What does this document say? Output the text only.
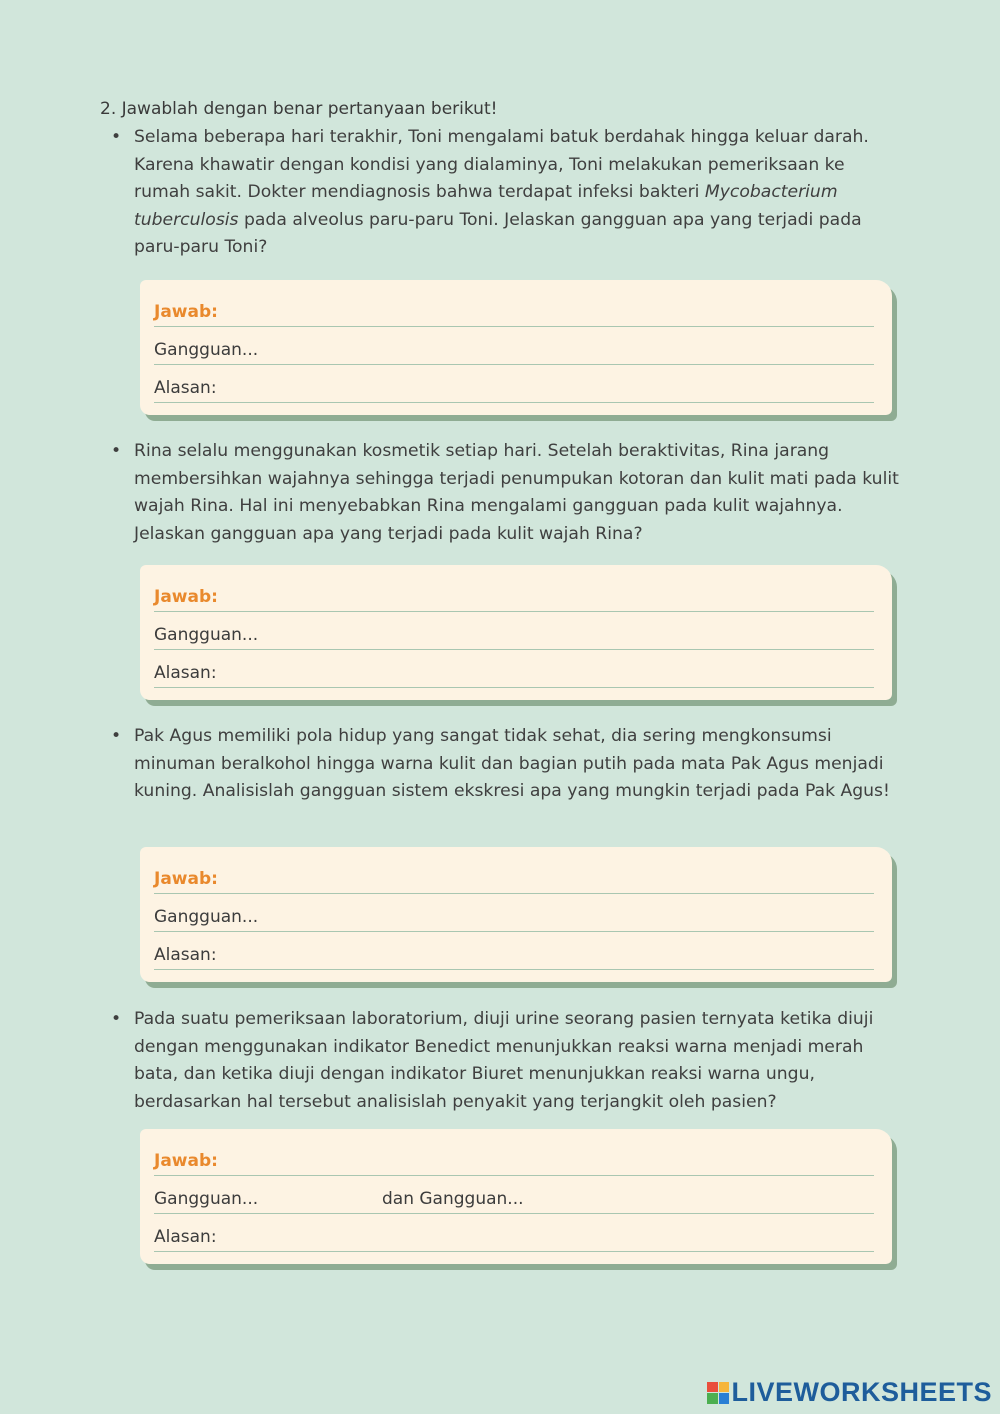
2. Jawablah dengan benar pertanyaan berikut!
• Selama beberapa hari terakhir, Toni mengalami batuk berdahak hingga keluar darah. Karena khawatir dengan kondisi yang dialaminya, Toni melakukan pemeriksaan ke rumah sakit. Dokter mendiagnosis bahwa terdapat infeksi bakteri Mycobacterium tuberculosis pada alveolus paru-paru Toni. Jelaskan gangguan apa yang terjadi pada paru-paru Toni?
Jawab:
Gangguan...
Alasan:
• Rina selalu menggunakan kosmetik setiap hari. Setelah beraktivitas, Rina jarang membersihkan wajahnya sehingga terjadi penumpukan kotoran dan kulit mati pada kulit wajah Rina. Hal ini menyebabkan Rina mengalami gangguan pada kulit wajahnya. Jelaskan gangguan apa yang terjadi pada kulit wajah Rina?
Jawab:
Gangguan...
Alasan:
• Pak Agus memiliki pola hidup yang sangat tidak sehat, dia sering mengkonsumsi minuman beralkohol hingga warna kulit dan bagian putih pada mata Pak Agus menjadi kuning. Analisislah gangguan sistem ekskresi apa yang mungkin terjadi pada Pak Agus!
Jawab:
Gangguan...
Alasan:
• Pada suatu pemeriksaan laboratorium, diuji urine seorang pasien ternyata ketika diuji dengan menggunakan indikator Benedict menunjukkan reaksi warna menjadi merah bata, dan ketika diuji dengan indikator Biuret menunjukkan reaksi warna ungu, berdasarkan hal tersebut analisislah penyakit yang terjangkit oleh pasien?
Jawab:
Gangguan...	dan Gangguan...
Alasan:
LIVEWORKSHEETS
